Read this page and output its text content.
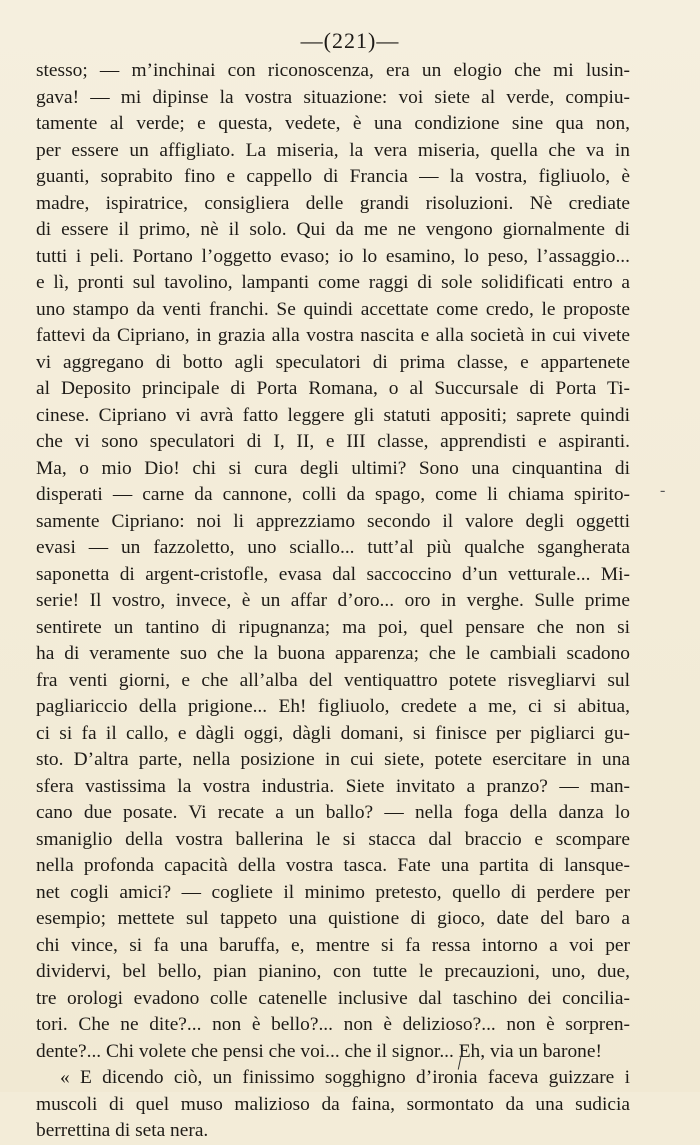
—(221)—
stesso; — m’inchinai con riconoscenza, era un elogio che mi lusin-
gava! — mi dipinse la vostra situazione: voi siete al verde, compiu-
tamente al verde; e questa, vedete, è una condizione sine qua non,
per essere un affigliato. La miseria, la vera miseria, quella che va in
guanti, soprabito fino e cappello di Francia — la vostra, figliuolo, è
madre, ispiratrice, consigliera delle grandi risoluzioni. Nè crediate
di essere il primo, nè il solo. Qui da me ne vengono giornalmente di
tutti i peli. Portano l’oggetto evaso; io lo esamino, lo peso, l’assaggio...
e lì, pronti sul tavolino, lampanti come raggi di sole solidificati entro a
uno stampo da venti franchi. Se quindi accettate come credo, le proposte
fattevi da Cipriano, in grazia alla vostra nascita e alla società in cui vivete
vi aggregano di botto agli speculatori di prima classe, e appartenete
al Deposito principale di Porta Romana, o al Succursale di Porta Ti-
cinese. Cipriano vi avrà fatto leggere gli statuti appositi; saprete quindi
che vi sono speculatori di I, II, e III classe, apprendisti e aspiranti.
Ma, o mio Dio! chi si cura degli ultimi? Sono una cinquantina di
disperati — carne da cannone, colli da spago, come li chiama spirito-
samente Cipriano: noi li apprezziamo secondo il valore degli oggetti
evasi — un fazzoletto, uno sciallo... tutt’al più qualche sgangherata
saponetta di argent-cristofle, evasa dal saccoccino d’un vetturale... Mi-
serie! Il vostro, invece, è un affar d’oro... oro in verghe. Sulle prime
sentirete un tantino di ripugnanza; ma poi, quel pensare che non si
ha di veramente suo che la buona apparenza; che le cambiali scadono
fra venti giorni, e che all’alba del ventiquattro potete risvegliarvi sul
pagliariccio della prigione... Eh! figliuolo, credete a me, ci si abitua,
ci si fa il callo, e dàgli oggi, dàgli domani, si finisce per pigliarci gu-
sto. D’altra parte, nella posizione in cui siete, potete esercitare in una
sfera vastissima la vostra industria. Siete invitato a pranzo? — man-
cano due posate. Vi recate a un ballo? — nella foga della danza lo
smaniglio della vostra ballerina le si stacca dal braccio e scompare
nella profonda capacità della vostra tasca. Fate una partita di lansque-
net cogli amici? — cogliete il minimo pretesto, quello di perdere per
esempio; mettete sul tappeto una quistione di gioco, date del baro a
chi vince, si fa una baruffa, e, mentre si fa ressa intorno a voi per
dividervi, bel bello, pian pianino, con tutte le precauzioni, uno, due,
tre orologi evadono colle catenelle inclusive dal taschino dei concilia-
tori. Che ne dite?... non è bello?... non è delizioso?... non è sorpren-
dente?... Chi volete che pensi che voi... che il signor... Eh, via un barone!
« E dicendo ciò, un finissimo sogghigno d’ironia faceva guizzare i
muscoli di quel muso malizioso da faina, sormontato da una sudicia
berrettina di seta nera.
-
